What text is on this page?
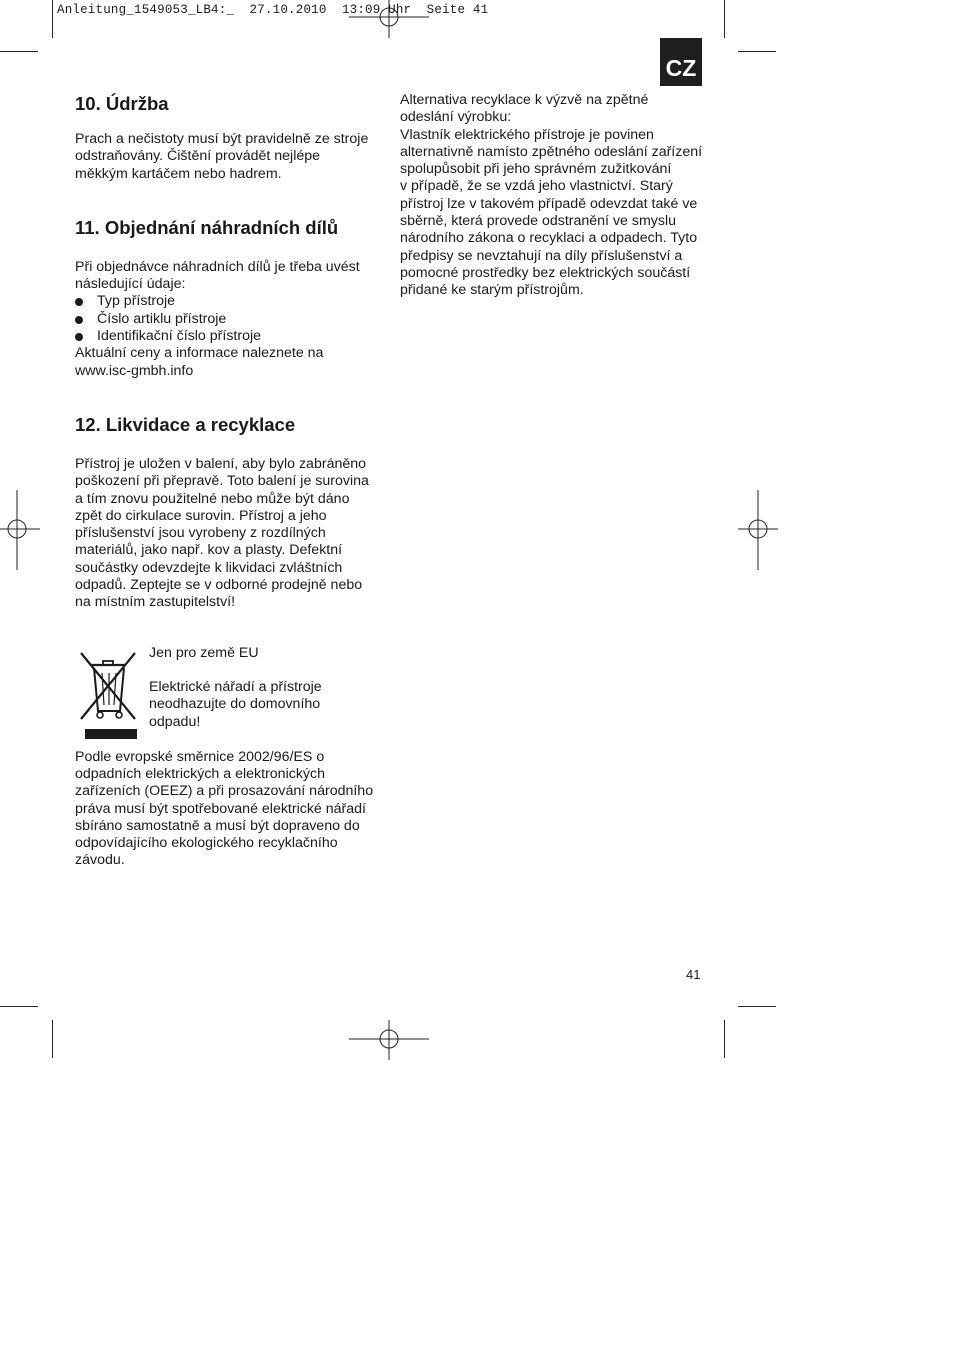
Anleitung_1549053_LB4:_  27.10.2010  13:09 Uhr  Seite 41
CZ
10. Údržba

Prach a nečistoty musí být pravidelně ze stroje

odstraňovány. Čištění provádět nejlépe

měkkým kartáčem nebo hadrem.

11. Objednání náhradních dílů

Při objednávce náhradních dílů je třeba uvést

následující údaje:

Typ přístroje
Číslo artiklu přístroje
Identifikační číslo přístroje

Aktuální ceny a informace naleznete na

www.isc-gmbh.info

12. Likvidace a recyklace

Přístroj je uložen v balení, aby bylo zabráněno

poškození při přepravě. Toto balení je surovina

a tím znovu použitelné nebo může být dáno

zpět do cirkulace surovin. Přístroj a jeho

příslušenství jsou vyrobeny z rozdílných

materiálů, jako např. kov a plasty. Defektní

součástky odevzdejte k likvidaci zvláštních

odpadů. Zeptejte se v odborné prodejně nebo

na místním zastupitelství!

Jen pro země EU

Elektrické nářadí a přístroje

neodhazujte do domovního

odpadu!

Podle evropské směrnice 2002/96/ES o

odpadních elektrických a elektronických

zařízeních (OEEZ) a při prosazování národního

práva musí být spotřebované elektrické nářadí

sbíráno samostatně a musí být dopraveno do

odpovídajícího ekologického recyklačního

závodu.

Alternativa recyklace k výzvě na zpětné

odeslání výrobku:

Vlastník elektrického přístroje je povinen

alternativně namísto zpětného odeslání zařízení

spolupůsobit při jeho správném zužitkování

v případě, že se vzdá jeho vlastnictví. Starý

přístroj lze v takovém případě odevzdat také ve

sběrně, která provede odstranění ve smyslu

národního zákona o recyklaci a odpadech. Tyto

předpisy se nevztahují na díly příslušenství a

pomocné prostředky bez elektrických součástí

přidané ke starým přístrojům.

41
